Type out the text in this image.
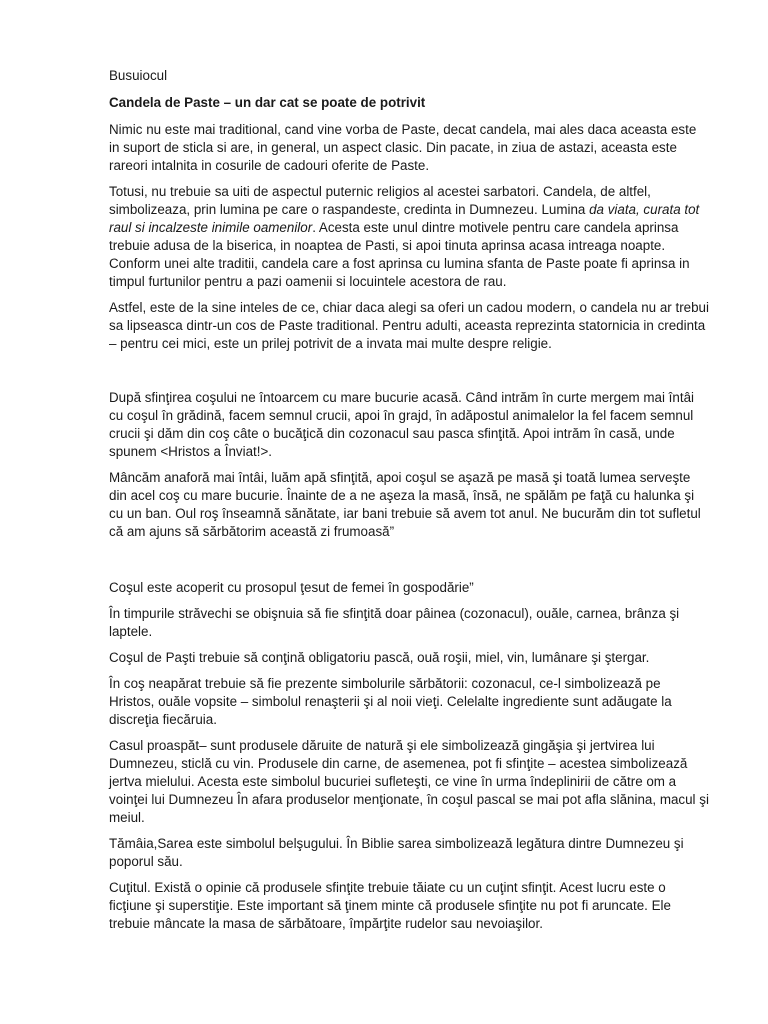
Busuiocul

Candela de Paste – un dar cat se poate de potrivit

Nimic nu este mai traditional, cand vine vorba de Paste, decat candela, mai ales daca aceasta este in suport de sticla si are, in general, un aspect clasic. Din pacate, in ziua de astazi, aceasta este rareori intalnita in cosurile de cadouri oferite de Paste.

Totusi, nu trebuie sa uiti de aspectul puternic religios al acestei sarbatori. Candela, de altfel, simbolizeaza, prin lumina pe care o raspandeste, credinta in Dumnezeu. Lumina da viata, curata tot raul si incalzeste inimile oamenilor. Acesta este unul dintre motivele pentru care candela aprinsa trebuie adusa de la biserica, in noaptea de Pasti, si apoi tinuta aprinsa acasa intreaga noapte. Conform unei alte traditii, candela care a fost aprinsa cu lumina sfanta de Paste poate fi aprinsa in timpul furtunilor pentru a pazi oamenii si locuintele acestora de rau.

Astfel, este de la sine inteles de ce, chiar daca alegi sa oferi un cadou modern, o candela nu ar trebui sa lipseasca dintr-un cos de Paste traditional. Pentru adulti, aceasta reprezinta statornicia in credinta – pentru cei mici, este un prilej potrivit de a invata mai multe despre religie.

După sfinţirea coşului ne întoarcem cu mare bucurie acasă. Când intrăm în curte mergem mai întâi cu coşul în grădină, facem semnul crucii, apoi în grajd, în adăpostul animalelor la fel facem semnul crucii şi dăm din coş câte o bucăţică din cozonacul sau pasca sfinţită. Apoi intrăm în casă, unde spunem <Hristos a Înviat!>.

Mâncăm anaforă mai întâi, luăm apă sfinţită, apoi coşul se aşază pe masă şi toată lumea serveşte din acel coş cu mare bucurie. Înainte de a ne aşeza la masă, însă, ne spălăm pe faţă cu halunka şi cu un ban. Oul roş înseamnă sănătate, iar bani trebuie să avem tot anul. Ne bucurăm din tot sufletul că am ajuns să sărbătorim această zi frumoasă”

Coşul este acoperit cu prosopul ţesut de femei în gospodărie”

În timpurile străvechi se obişnuia să fie sfinţită doar pâinea (cozonacul), ouăle, carnea, brânza şi laptele.

Coşul de Paşti trebuie să conţină obligatoriu pască, ouă roşii, miel, vin, lumânare şi ştergar.

În coş neapărat trebuie să fie prezente simbolurile sărbătorii: cozonacul, ce-l simbolizează pe Hristos, ouăle vopsite – simbolul renaşterii şi al noii vieţi. Celelalte ingrediente sunt adăugate la discreţia fiecăruia.

Casul proaspăt– sunt produsele dăruite de natură şi ele simbolizează gingăşia şi jertvirea lui Dumnezeu, sticlă cu vin. Produsele din carne, de asemenea, pot fi sfinţite – acestea simbolizează jertva mielului. Acesta este simbolul bucuriei sufleteşti, ce vine în urma îndeplinirii de către om a voinţei lui Dumnezeu În afara produselor menţionate, în coşul pascal se mai pot afla slănina, macul şi meiul.

Tămâia,Sarea este simbolul belşugului. În Biblie sarea simbolizează legătura dintre Dumnezeu şi poporul său.

Cuţitul. Există o opinie că produsele sfinţite trebuie tăiate cu un cuţint sfinţit. Acest lucru este o ficţiune şi superstiţie. Este important să ţinem minte că produsele sfinţite nu pot fi aruncate. Ele trebuie mâncate la masa de sărbătoare, împărţite rudelor sau nevoiaşilor.
